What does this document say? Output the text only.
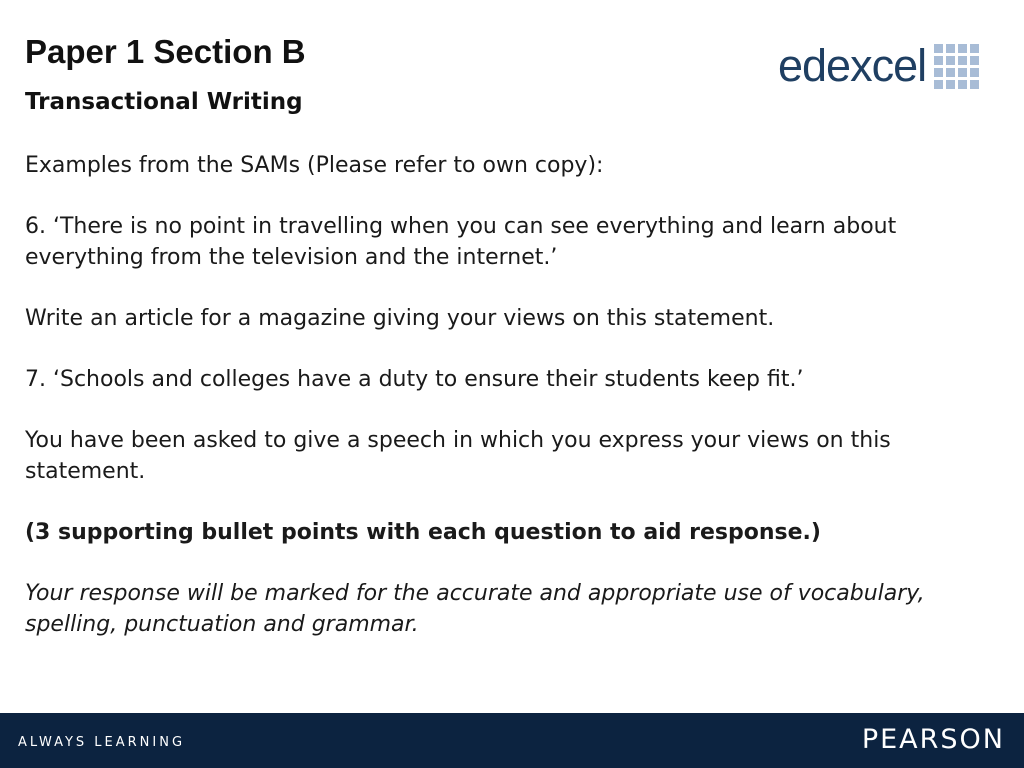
Paper 1 Section B
Transactional Writing
edexcel

Examples from the SAMs (Please refer to own copy):

6. ‘There is no point in travelling when you can see everything and learn about everything from the television and the internet.’

Write an article for a magazine giving your views on this statement.

7. ‘Schools and colleges have a duty to ensure their students keep fit.’

You have been asked to give a speech in which you express your views on this statement.

(3 supporting bullet points with each question to aid response.)

Your response will be marked for the accurate and appropriate use of vocabulary, spelling, punctuation and grammar.

ALWAYS LEARNING	PEARSON
